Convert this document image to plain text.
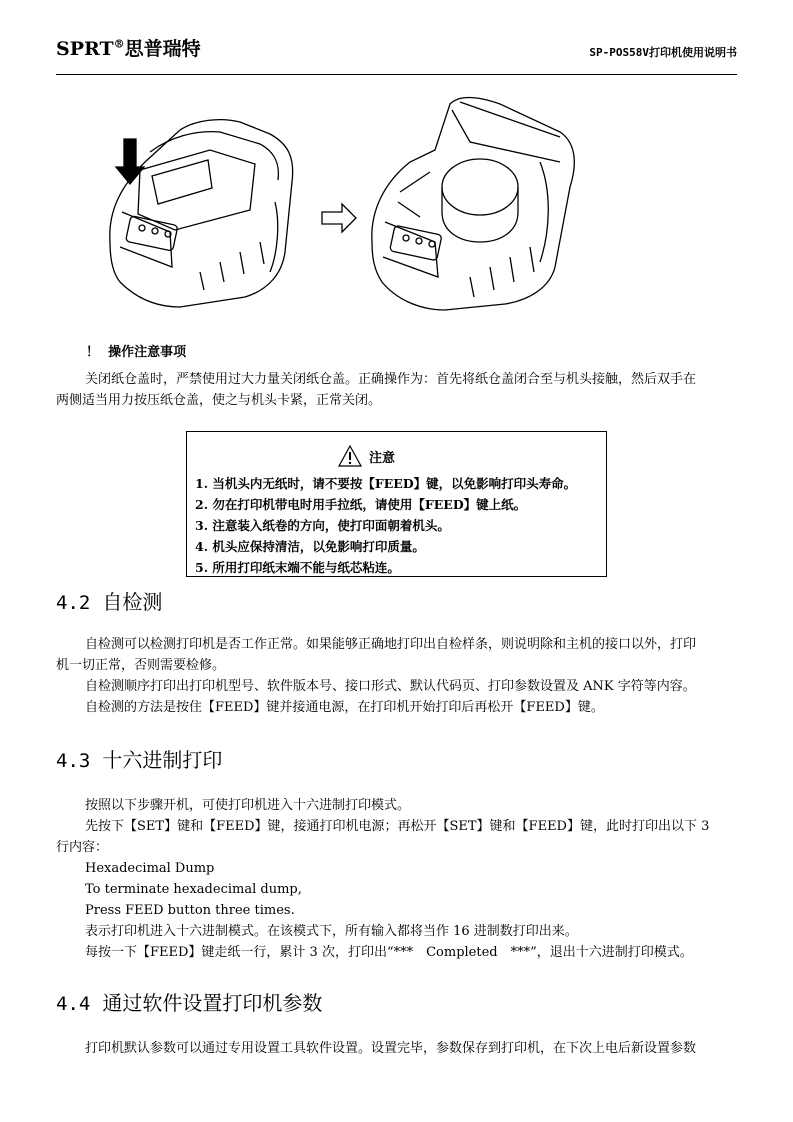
SPRT®思普瑞特	SP-POS58V打印机使用说明书
！ 操作注意事项
关闭纸仓盖时，严禁使用过大力量关闭纸仓盖。正确操作为：首先将纸仓盖闭合至与机头接触，然后双手在
两侧适当用力按压纸仓盖，使之与机头卡紧，正常关闭。
注意
1. 当机头内无纸时，请不要按【FEED】键，以免影响打印头寿命。
2. 勿在打印机带电时用手拉纸，请使用【FEED】键上纸。
3. 注意装入纸卷的方向，使打印面朝着机头。
4. 机头应保持清洁，以免影响打印质量。
5. 所用打印纸末端不能与纸芯粘连。
4.2 自检测
自检测可以检测打印机是否工作正常。如果能够正确地打印出自检样条，则说明除和主机的接口以外，打印
机一切正常，否则需要检修。
自检测顺序打印出打印机型号、软件版本号、接口形式、默认代码页、打印参数设置及 ANK 字符等内容。
自检测的方法是按住【FEED】键并接通电源，在打印机开始打印后再松开【FEED】键。
4.3 十六进制打印
按照以下步骤开机，可使打印机进入十六进制打印模式。
先按下【SET】键和【FEED】键，接通打印机电源；再松开【SET】键和【FEED】键，此时打印出以下 3
行内容：
Hexadecimal Dump
To terminate hexadecimal dump,
Press FEED button three times.
表示打印机进入十六进制模式。在该模式下，所有输入都将当作 16 进制数打印出来。
每按一下【FEED】键走纸一行，累计 3 次，打印出“***　Completed　***”，退出十六进制打印模式。
4.4 通过软件设置打印机参数
打印机默认参数可以通过专用设置工具软件设置。设置完毕，参数保存到打印机，在下次上电后新设置参数
